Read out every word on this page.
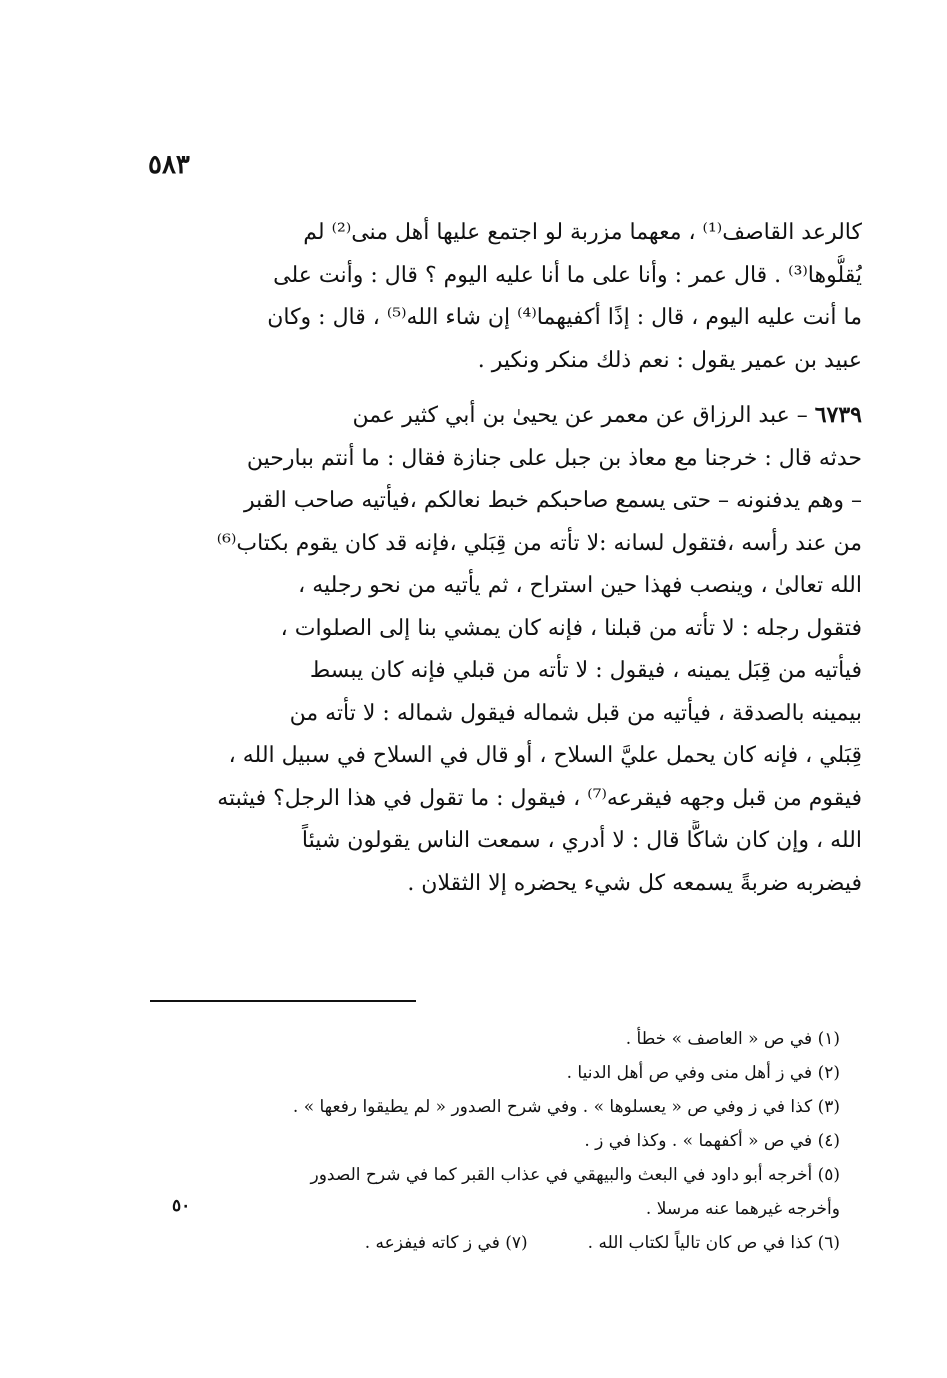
٥٨٣
كالرعد القاصف⁽¹⁾ ، معهما مزربة لو اجتمع عليها أهل منى⁽²⁾ لم
يُقلُّوها⁽³⁾ . قال عمر : وأنا على ما أنا عليه اليوم ؟ قال : وأنت على
ما أنت عليه اليوم ، قال : إذًا أكفيهما⁽⁴⁾ إن شاء الله⁽⁵⁾ ، قال : وكان
عبيد بن عمير يقول : نعم ذلك منكر ونكير .
٦٧٣٩ – عبد الرزاق عن معمر عن يحيىٰ بن أبي كثير عمن
حدثه قال : خرجنا مع معاذ بن جبل على جنازة فقال : ما أنتم ببارحين
– وهم يدفنونه – حتى يسمع صاحبكم خبط نعالكم ،فيأتيه صاحب القبر
من عند رأسه ،فتقول لسانه :لا تأته من قِبَلي ،فإنه قد كان يقوم بكتاب⁽⁶⁾
الله تعالىٰ ، وينصب فهذا حين استراح ، ثم يأتيه من نحو رجليه ،
فتقول رجله : لا تأته من قبلنا ، فإنه كان يمشي بنا إلى الصلوات ،
فيأتيه من قِبَل يمينه ، فيقول : لا تأته من قبلي فإنه كان يبسط
بيمينه بالصدقة ، فيأتيه من قبل شماله فيقول شماله : لا تأته من
قِبَلي ، فإنه كان يحمل عليَّ السلاح ، أو قال في السلاح في سبيل الله ،
فيقوم من قبل وجهه فيقرعه⁽⁷⁾ ، فيقول : ما تقول في هذا الرجل؟ فيثبته
الله ، وإن كان شاكًّا قال : لا أدري ، سمعت الناس يقولون شيئاً
فيضربه ضربةً يسمعه كل شيء يحضره إلا الثقلان .
(١) في ص « العاصف » خطأ .
(٢) في ز أهل منى وفي ص أهل الدنيا .
(٣) كذا في ز وفي ص « يعسلوها » . وفي شرح الصدور « لم يطيقوا رفعها » .
(٤) في ص « أكفهما » . وكذا في ز .
(٥) أخرجه أبو داود في البعث والبيهقي في عذاب القبر كما في شرح الصدور
وأخرجه غيرهما عنه مرسلا .
(٦) كذا في ص كان تالياً لكتاب الله .
(٧) في ز كاته فيفزعه .
٥٠
